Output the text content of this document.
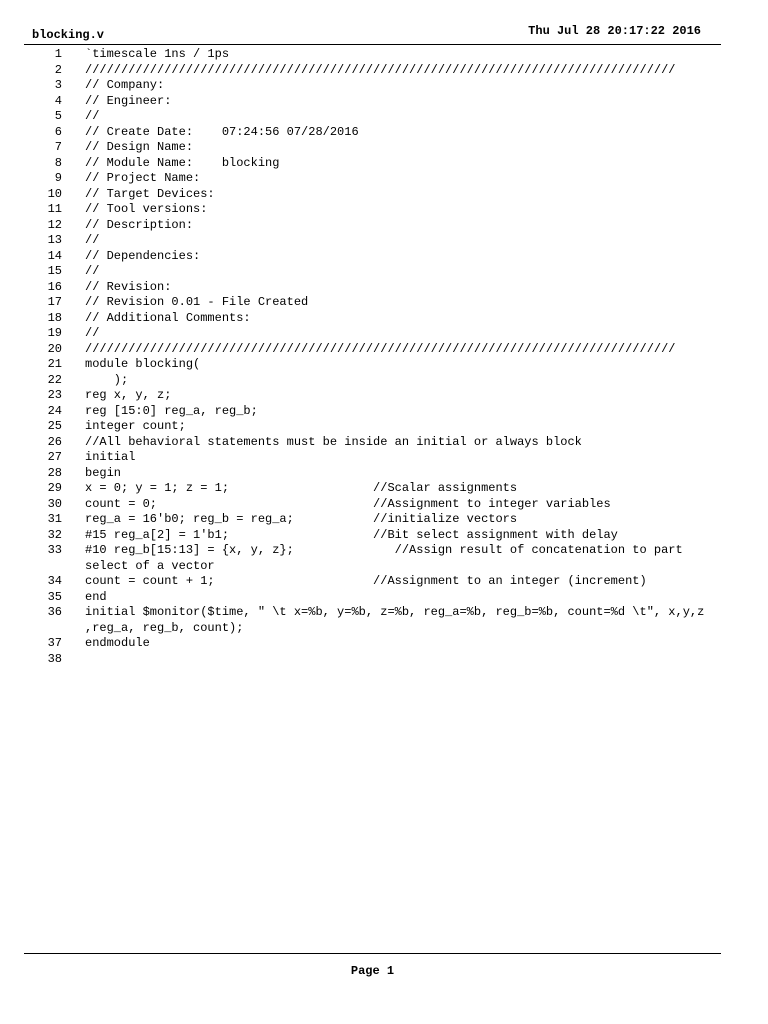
blocking.v	Thu Jul 28 20:17:22 2016
1 `timescale 1ns / 1ps
2 //////////////////////////////////////////////////////////////////////////////////
3 // Company:
4 // Engineer:
5 //
6 // Create Date:    07:24:56 07/28/2016
7 // Design Name:
8 // Module Name:    blocking
9 // Project Name:
10 // Target Devices:
11 // Tool versions:
12 // Description:
13 //
14 // Dependencies:
15 //
16 // Revision:
17 // Revision 0.01 - File Created
18 // Additional Comments:
19 //
20 //////////////////////////////////////////////////////////////////////////////////
21 module blocking(
22 );
23 reg x, y, z;
24 reg [15:0] reg_a, reg_b;
25 integer count;
26 //All behavioral statements must be inside an initial or always block
27 initial
28 begin
29 x = 0; y = 1; z = 1;                    //Scalar assignments
30 count = 0;                              //Assignment to integer variables
31 reg_a = 16'b0; reg_b = reg_a;           //initialize vectors
32 #15 reg_a[2] = 1'b1;                    //Bit select assignment with delay
33 #10 reg_b[15:13] = {x, y, z};              //Assign result of concatenation to part
select of a vector
34 count = count + 1;                      //Assignment to an integer (increment)
35 end
36 initial $monitor($time, " \t x=%b, y=%b, z=%b, reg_a=%b, reg_b=%b, count=%d \t", x,y,z
,reg_a, reg_b, count);
37 endmodule
38
Page 1
